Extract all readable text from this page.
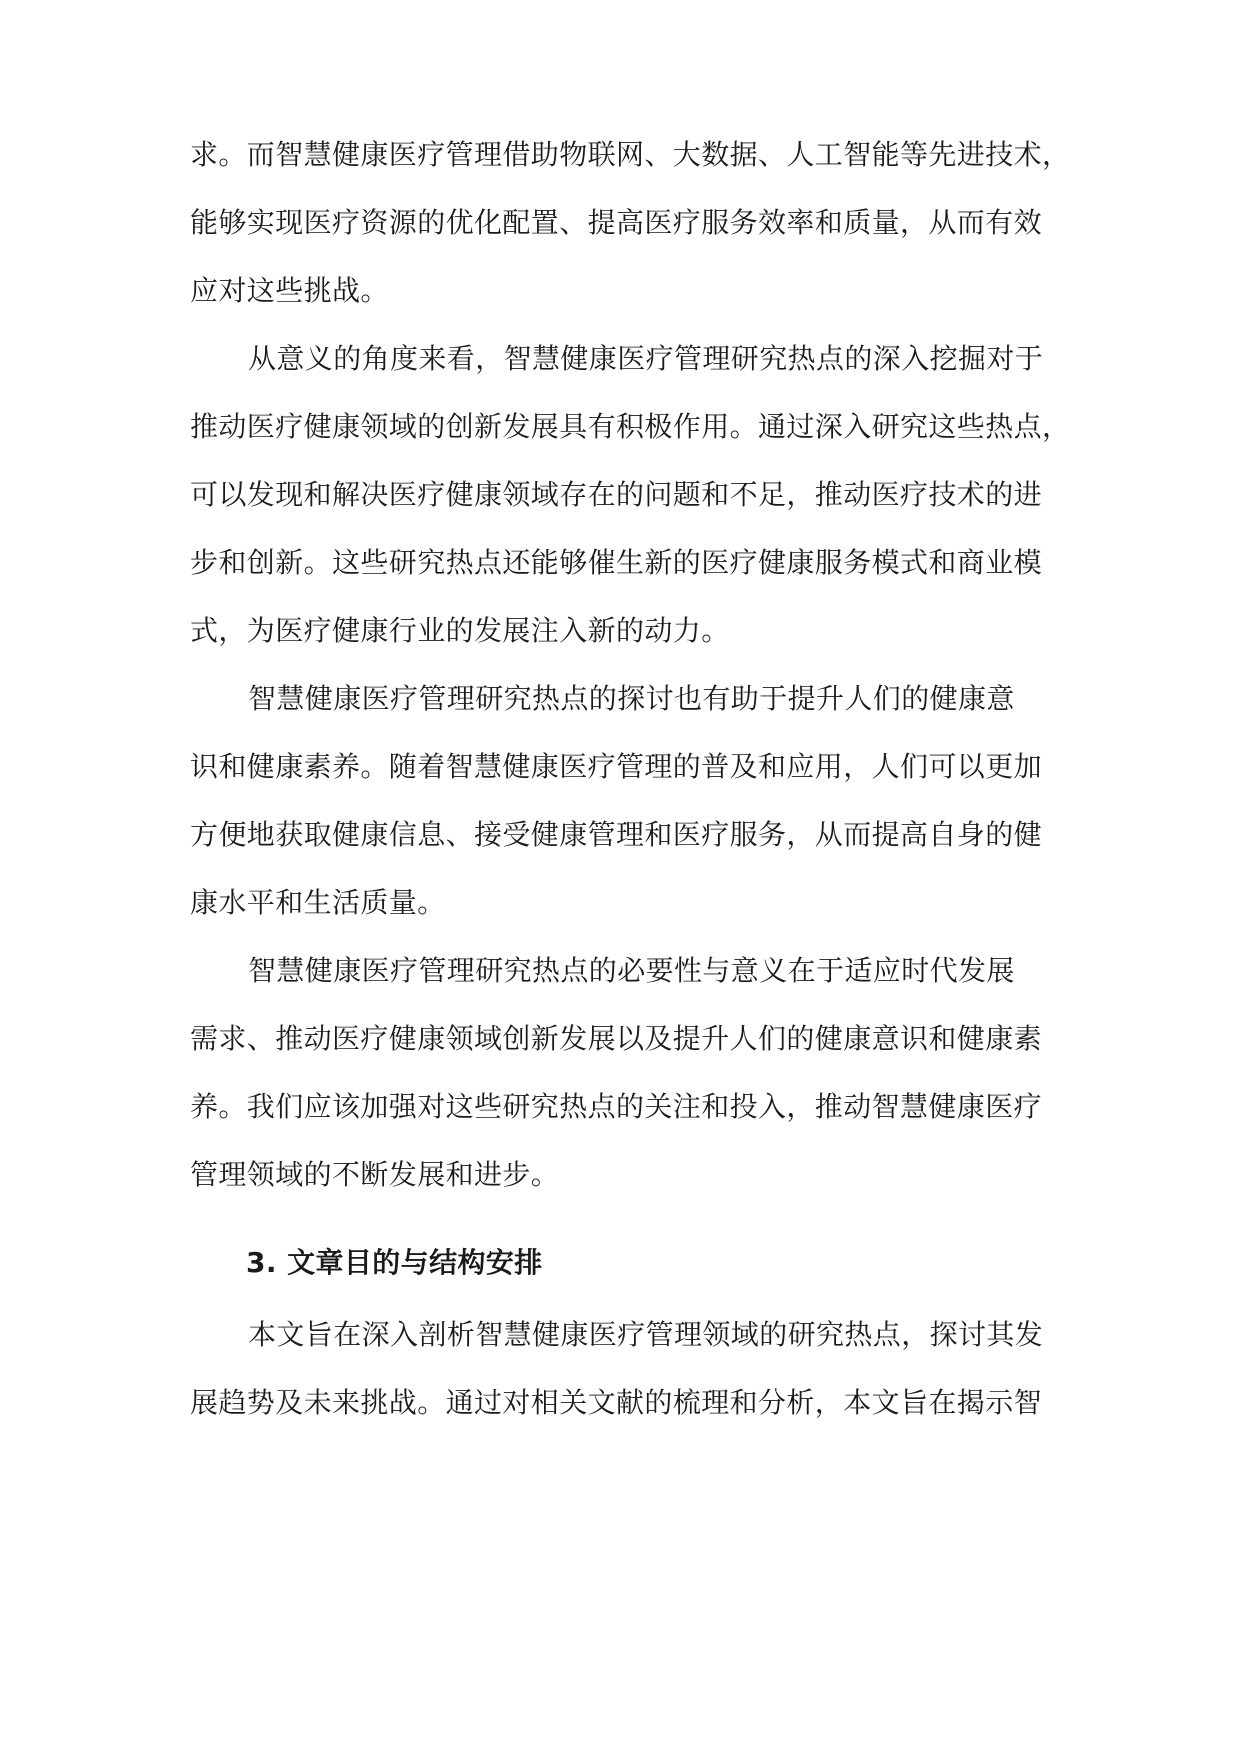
求。而智慧健康医疗管理借助物联网、大数据、人工智能等先进技术，
能够实现医疗资源的优化配置、提高医疗服务效率和质量，从而有效
应对这些挑战。
从意义的角度来看，智慧健康医疗管理研究热点的深入挖掘对于
推动医疗健康领域的创新发展具有积极作用。通过深入研究这些热点，
可以发现和解决医疗健康领域存在的问题和不足，推动医疗技术的进
步和创新。这些研究热点还能够催生新的医疗健康服务模式和商业模
式，为医疗健康行业的发展注入新的动力。
智慧健康医疗管理研究热点的探讨也有助于提升人们的健康意
识和健康素养。随着智慧健康医疗管理的普及和应用，人们可以更加
方便地获取健康信息、接受健康管理和医疗服务，从而提高自身的健
康水平和生活质量。
智慧健康医疗管理研究热点的必要性与意义在于适应时代发展
需求、推动医疗健康领域创新发展以及提升人们的健康意识和健康素
养。我们应该加强对这些研究热点的关注和投入，推动智慧健康医疗
管理领域的不断发展和进步。
3. 文章目的与结构安排
本文旨在深入剖析智慧健康医疗管理领域的研究热点，探讨其发
展趋势及未来挑战。通过对相关文献的梳理和分析，本文旨在揭示智
